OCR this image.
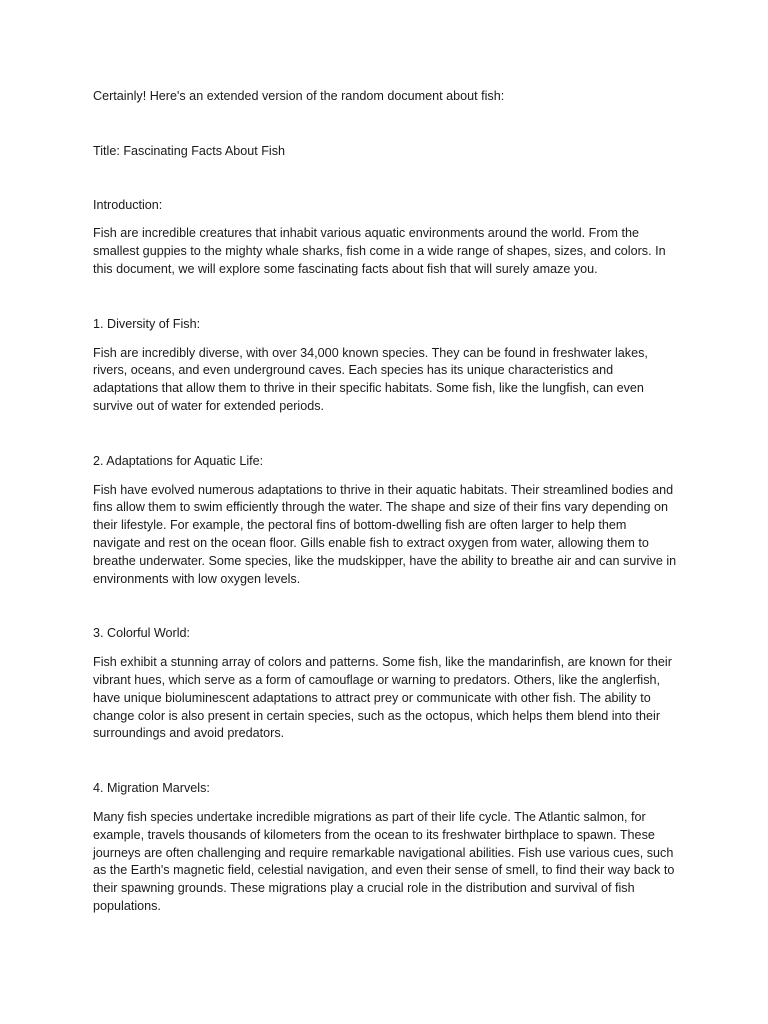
Certainly! Here's an extended version of the random document about fish:

Title: Fascinating Facts About Fish

Introduction:

Fish are incredible creatures that inhabit various aquatic environments around the world. From the smallest guppies to the mighty whale sharks, fish come in a wide range of shapes, sizes, and colors. In this document, we will explore some fascinating facts about fish that will surely amaze you.

1. Diversity of Fish:

Fish are incredibly diverse, with over 34,000 known species. They can be found in freshwater lakes, rivers, oceans, and even underground caves. Each species has its unique characteristics and adaptations that allow them to thrive in their specific habitats. Some fish, like the lungfish, can even survive out of water for extended periods.

2. Adaptations for Aquatic Life:

Fish have evolved numerous adaptations to thrive in their aquatic habitats. Their streamlined bodies and fins allow them to swim efficiently through the water. The shape and size of their fins vary depending on their lifestyle. For example, the pectoral fins of bottom-dwelling fish are often larger to help them navigate and rest on the ocean floor. Gills enable fish to extract oxygen from water, allowing them to breathe underwater. Some species, like the mudskipper, have the ability to breathe air and can survive in environments with low oxygen levels.

3. Colorful World:

Fish exhibit a stunning array of colors and patterns. Some fish, like the mandarinfish, are known for their vibrant hues, which serve as a form of camouflage or warning to predators. Others, like the anglerfish, have unique bioluminescent adaptations to attract prey or communicate with other fish. The ability to change color is also present in certain species, such as the octopus, which helps them blend into their surroundings and avoid predators.

4. Migration Marvels:

Many fish species undertake incredible migrations as part of their life cycle. The Atlantic salmon, for example, travels thousands of kilometers from the ocean to its freshwater birthplace to spawn. These journeys are often challenging and require remarkable navigational abilities. Fish use various cues, such as the Earth's magnetic field, celestial navigation, and even their sense of smell, to find their way back to their spawning grounds. These migrations play a crucial role in the distribution and survival of fish populations.
